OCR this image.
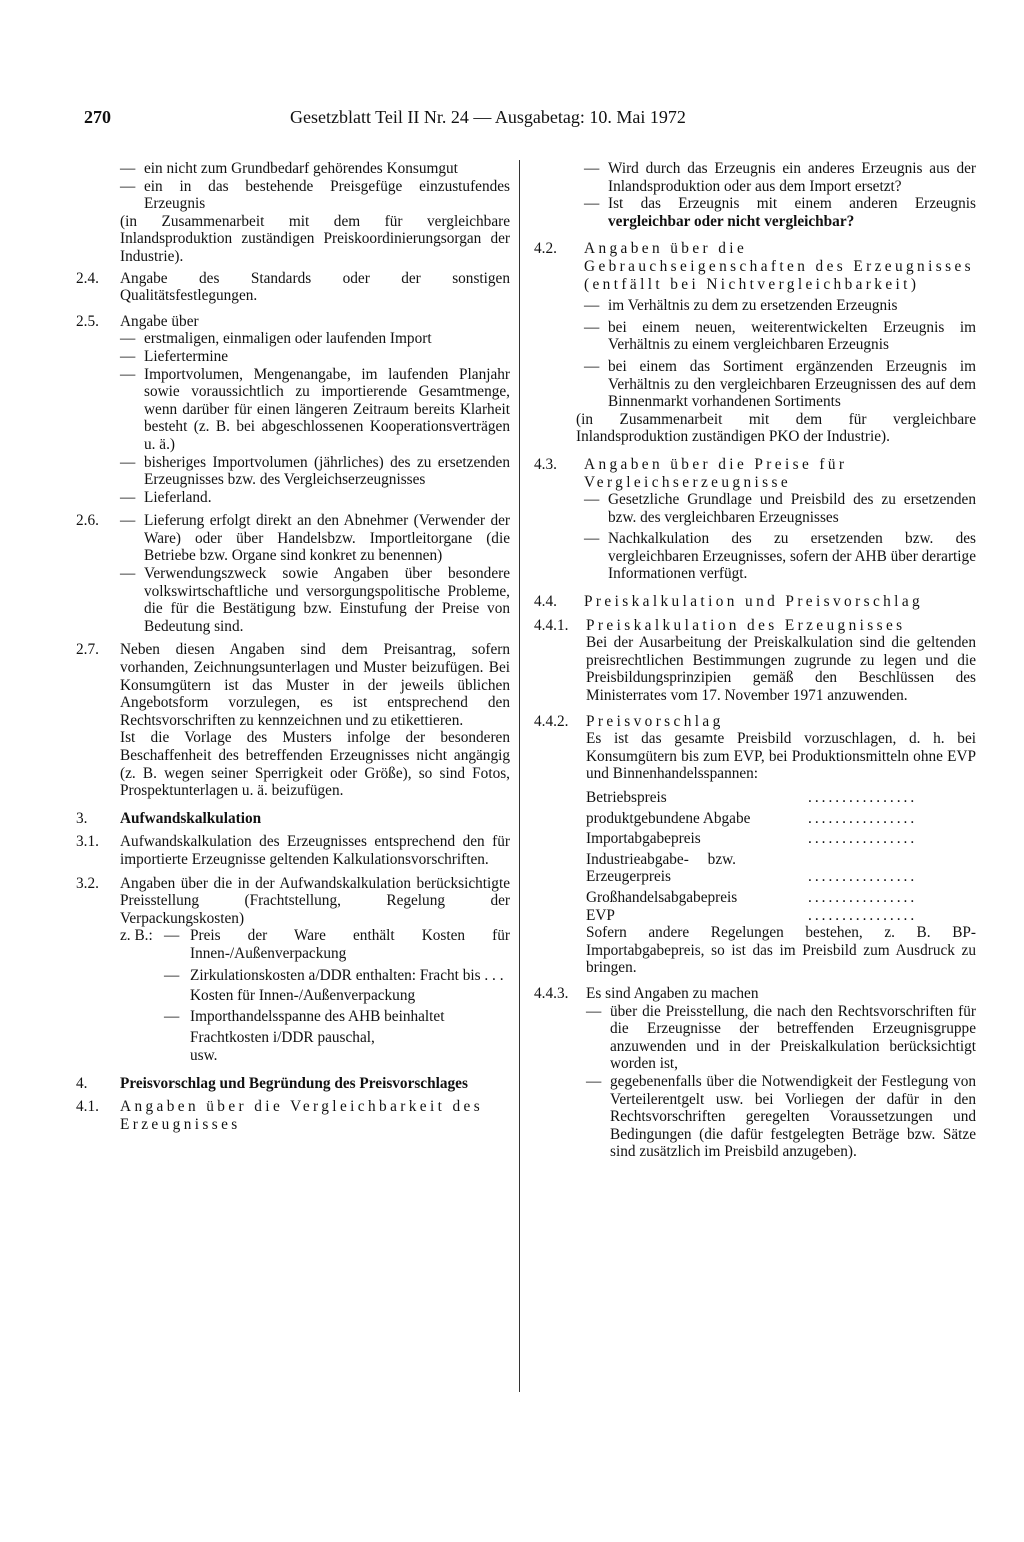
270	Gesetzblatt Teil II Nr. 24 — Ausgabetag: 10. Mai 1972
— ein nicht zum Grundbedarf gehörendes Konsumgut
— ein in das bestehende Preisgefüge einzustufendes Erzeugnis
(in Zusammenarbeit mit dem für vergleichbare Inlandsproduktion zuständigen Preiskoordinierungsorgan der Industrie).
2.4.	Angabe des Standards oder der sonstigen Qualitätsfestlegungen.
2.5.	Angabe über
— erstmaligen, einmaligen oder laufenden Import
— Liefertermine
— Importvolumen, Mengenangabe, im laufenden Planjahr sowie voraussichtlich zu importierende Gesamtmenge, wenn darüber für einen längeren Zeitraum bereits Klarheit besteht (z. B. bei abgeschlossenen Kooperationsverträgen u. ä.)
— bisheriges Importvolumen (jährliches) des zu ersetzenden Erzeugnisses bzw. des Vergleichserzeugnisses
— Lieferland.
2.6.	— Lieferung erfolgt direkt an den Abnehmer (Verwender der Ware) oder über Handelsbzw. Importleitorgane (die Betriebe bzw. Organe sind konkret zu benennen)
— Verwendungszweck sowie Angaben über besondere volkswirtschaftliche und versorgungspolitische Probleme, die für die Bestätigung bzw. Einstufung der Preise von Bedeutung sind.
2.7.	Neben diesen Angaben sind dem Preisantrag, sofern vorhanden, Zeichnungsunterlagen und Muster beizufügen. Bei Konsumgütern ist das Muster in der jeweils üblichen Angebotsform vorzulegen, es ist entsprechend den Rechtsvorschriften zu kennzeichnen und zu etikettieren.
Ist die Vorlage des Musters infolge der besonderen Beschaffenheit des betreffenden Erzeugnisses nicht angängig (z. B. wegen seiner Sperrigkeit oder Größe), so sind Fotos, Prospektunterlagen u. ä. beizufügen.
3.	Aufwandskalkulation
3.1.	Aufwandskalkulation des Erzeugnisses entsprechend den für importierte Erzeugnisse geltenden Kalkulationsvorschriften.
3.2.	Angaben über die in der Aufwandskalkulation berücksichtigte Preisstellung (Frachtstellung, Regelung der Verpackungskosten)
z. B.: — Preis der Ware enthält Kosten für Innen-/Außenverpackung
— Zirkulationskosten a/DDR enthalten: Fracht bis . . .
Kosten für Innen-/Außenverpackung
— Importhandelsspanne des AHB beinhaltet
Frachtkosten i/DDR pauschal,
usw.
4.	Preisvorschlag und Begründung des Preisvorschlages
4.1.	Angaben über die Vergleichbarkeit des Erzeugnisses
— Wird durch das Erzeugnis ein anderes Erzeugnis aus der Inlandsproduktion oder aus dem Import ersetzt?
— Ist das Erzeugnis mit einem anderen Erzeugnis vergleichbar oder nicht vergleichbar?
4.2.	Angaben über die Gebrauchseigenschaften des Erzeugnisses (entfällt bei Nichtvergleichbarkeit)
— im Verhältnis zu dem zu ersetzenden Erzeugnis
— bei einem neuen, weiterentwickelten Erzeugnis im Verhältnis zu einem vergleichbaren Erzeugnis
— bei einem das Sortiment ergänzenden Erzeugnis im Verhältnis zu den vergleichbaren Erzeugnissen des auf dem Binnenmarkt vorhandenen Sortiments
(in Zusammenarbeit mit dem für vergleichbare Inlandsproduktion zuständigen PKO der Industrie).
4.3.	Angaben über die Preise für Vergleichserzeugnisse
— Gesetzliche Grundlage und Preisbild des zu ersetzenden bzw. des vergleichbaren Erzeugnisses
— Nachkalkulation des zu ersetzenden bzw. des vergleichbaren Erzeugnisses, sofern der AHB über derartige Informationen verfügt.
4.4.	Preiskalkulation und Preisvorschlag
4.4.1.	Preiskalkulation des Erzeugnisses
Bei der Ausarbeitung der Preiskalkulation sind die geltenden preisrechtlichen Bestimmungen zugrunde zu legen und die Preisbildungsprinzipien gemäß den Beschlüssen des Ministerrates vom 17. November 1971 anzuwenden.
4.4.2.	Preisvorschlag
Es ist das gesamte Preisbild vorzuschlagen, d. h. bei Konsumgütern bis zum EVP, bei Produktionsmitteln ohne EVP und Binnenhandelsspannen:
Betriebspreis	................
produktgebundene Abgabe	................
Importabgabepreis	................
Industrieabgabe- bzw. Erzeugerpreis	................
Großhandelsabgabepreis	................
EVP	................
Sofern andere Regelungen bestehen, z. B. BP-Importabgabepreis, so ist das im Preisbild zum Ausdruck zu bringen.
4.4.3.	Es sind Angaben zu machen
— über die Preisstellung, die nach den Rechtsvorschriften für die Erzeugnisse der betreffenden Erzeugnisgruppe anzuwenden und in der Preiskalkulation berücksichtigt worden ist,
— gegebenenfalls über die Notwendigkeit der Festlegung von Verteilerentgelt usw. bei Vorliegen der dafür in den Rechtsvorschriften geregelten Voraussetzungen und Bedingungen (die dafür festgelegten Beträge bzw. Sätze sind zusätzlich im Preisbild anzugeben).
